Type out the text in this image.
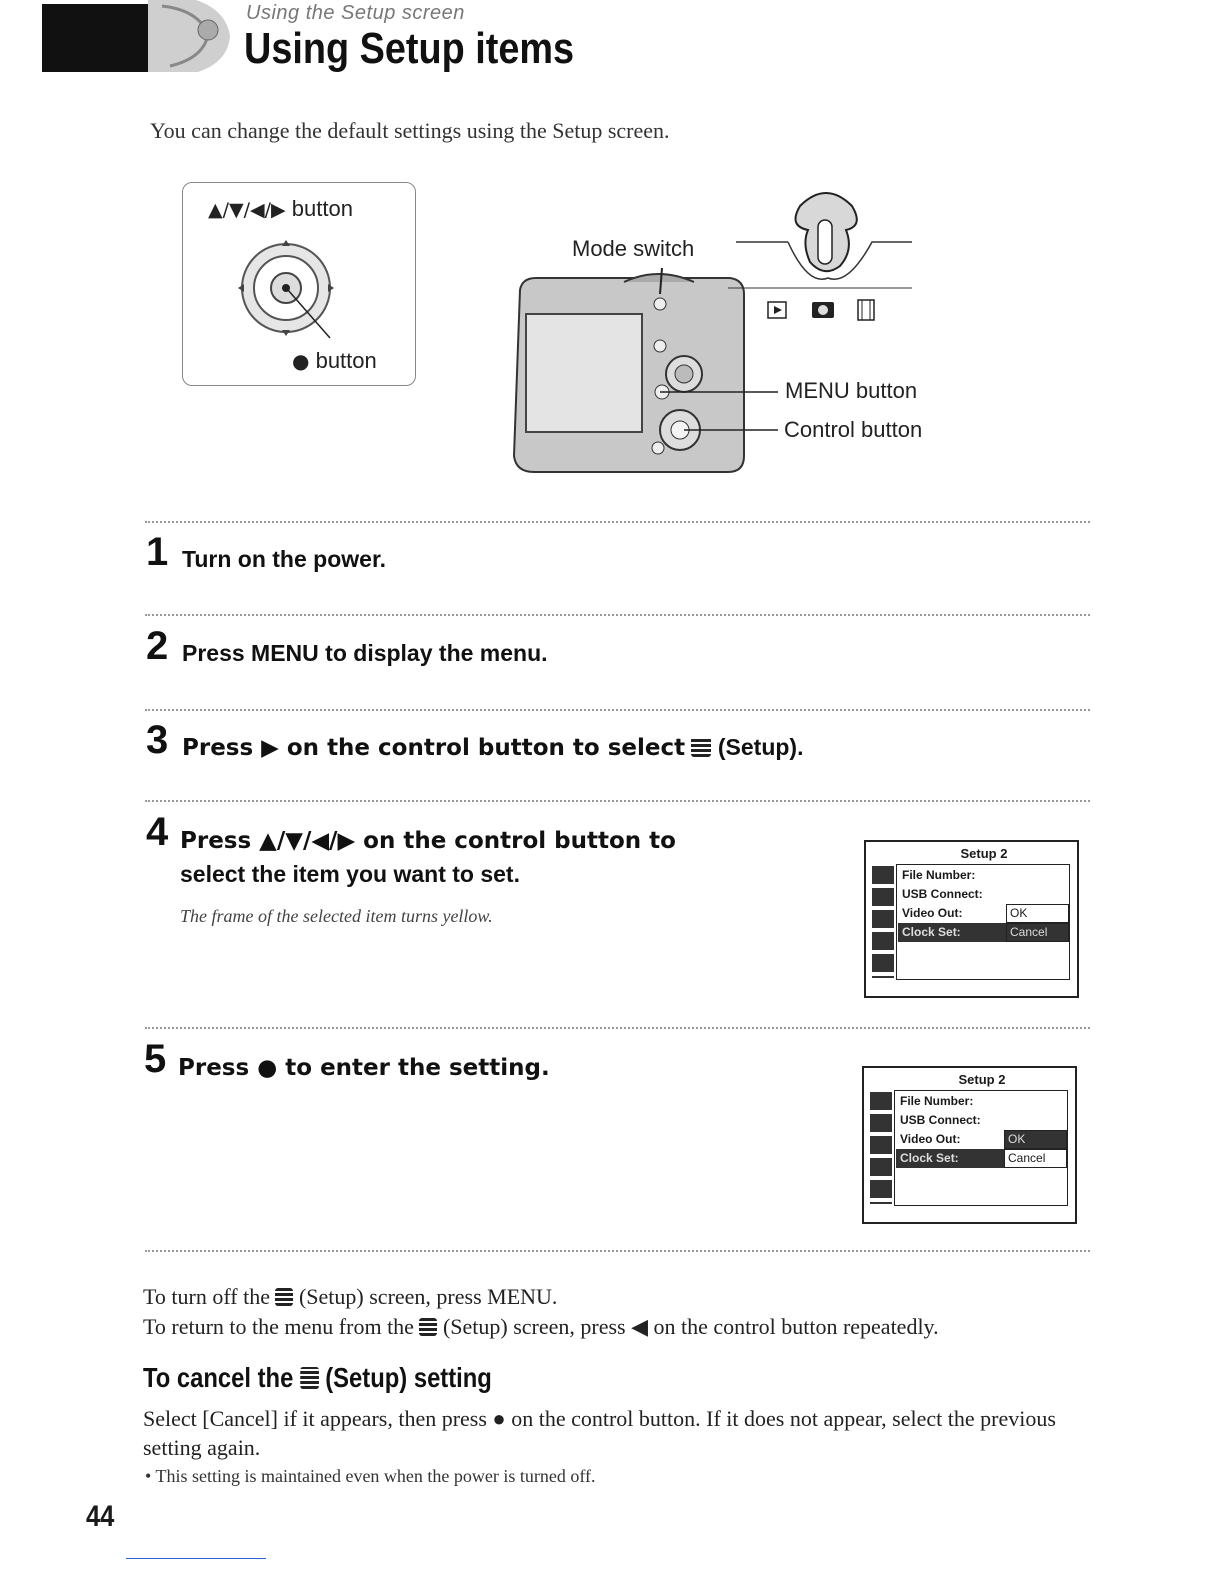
Using the Setup screen
Using Setup items
You can change the default settings using the Setup screen.
▲/▼/◀/▶ button
● button
Mode switch
MENU button
Control button
1 Turn on the power.
2 Press MENU to display the menu.
3 Press ▶ on the control button to select (Setup).
4 Press ▲/▼/◀/▶ on the control button to
select the item you want to set.
The frame of the selected item turns yellow.
Setup 2
File Number:
USB Connect:
Video Out:
Clock Set:
OK
Cancel
5 Press ● to enter the setting.	Setup 2
File Number:
USB Connect:
Video Out:
Clock Set:
OK
Cancel
To turn off the (Setup) screen, press MENU.
To return to the menu from the (Setup) screen, press ◀ on the control button repeatedly.
To cancel the (Setup) setting
Select [Cancel] if it appears, then press ● on the control button. If it does not appear, select the previous setting again.
• This setting is maintained even when the power is turned off.
44
